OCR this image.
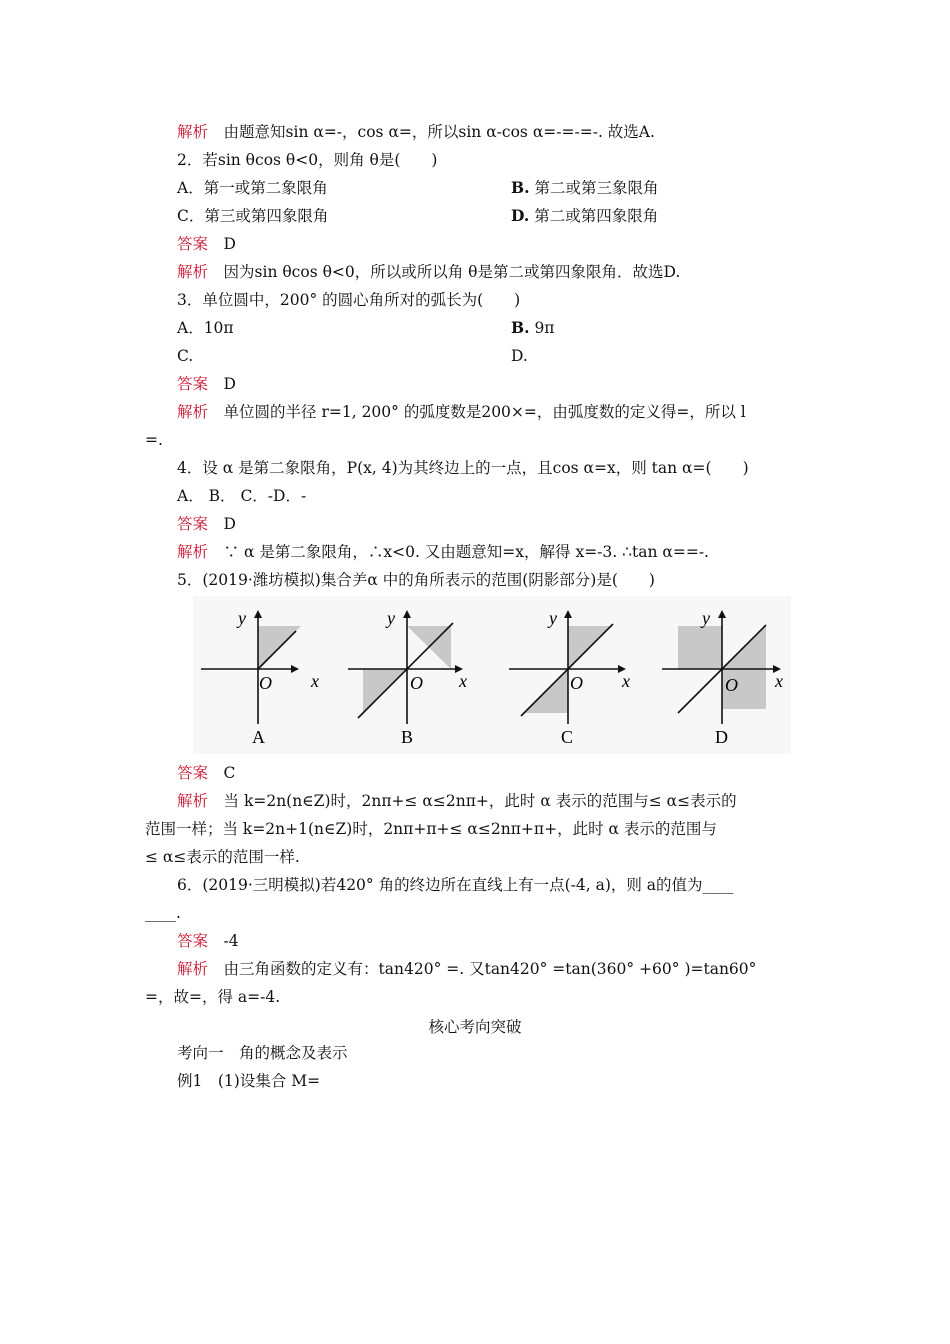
解析　 由题意知sin α=-，cos α=，所以sin α-cos α=-=-=-. 故选A.
2．若sin θcos θ<0，则角 θ是(　　)
A．第一或第二象限角	B. 第二或第三象限角
C．第三或第四象限角	D. 第二或第四象限角
答案　 D
解析　 因为sin θcos θ<0，所以或所以角 θ是第二或第四象限角．故选D.
3．单位圆中，200° 的圆心角所对的弧长为(　　)
A．10π	B. 9π
C.	D.
答案　 D
解析　 单位圆的半径 r=1, 200° 的弧度数是200×=，由弧度数的定义得=，所以 l
=.
4．设 α 是第二象限角，P(x, 4)为其终边上的一点，且cos α=x，则 tan α=(　　)
A． B． C．-D．-
答案　 D
解析　 ∵ α 是第二象限角，∴x<0. 又由题意知=x，解得 x=-3. ∴tan α==-.
5．(2019·潍坊模拟)集合⺶α 中的角所表示的范围(阴影部分)是(　　)
y
x
O
A
y
x
O
B
y
x
O
C
y
x
O
D
答案　 C
解析　 当 k=2n(n∈Z)时，2nπ+≤ α≤2nπ+，此时 α 表示的范围与≤ α≤表示的
范围一样；当 k=2n+1(n∈Z)时，2nπ+π+≤ α≤2nπ+π+，此时 α 表示的范围与
≤ α≤表示的范围一样.
6．(2019·三明模拟)若420° 角的终边所在直线上有一点(-4, a)，则 a的值为____
____.
答案　 -4
解析　 由三角函数的定义有：tan420° =. 又tan420° =tan(360° +60° )=tan60°
=，故=，得 a=-4.
核心考向突破
考向一　角的概念及表示
例1　(1)设集合 M=
